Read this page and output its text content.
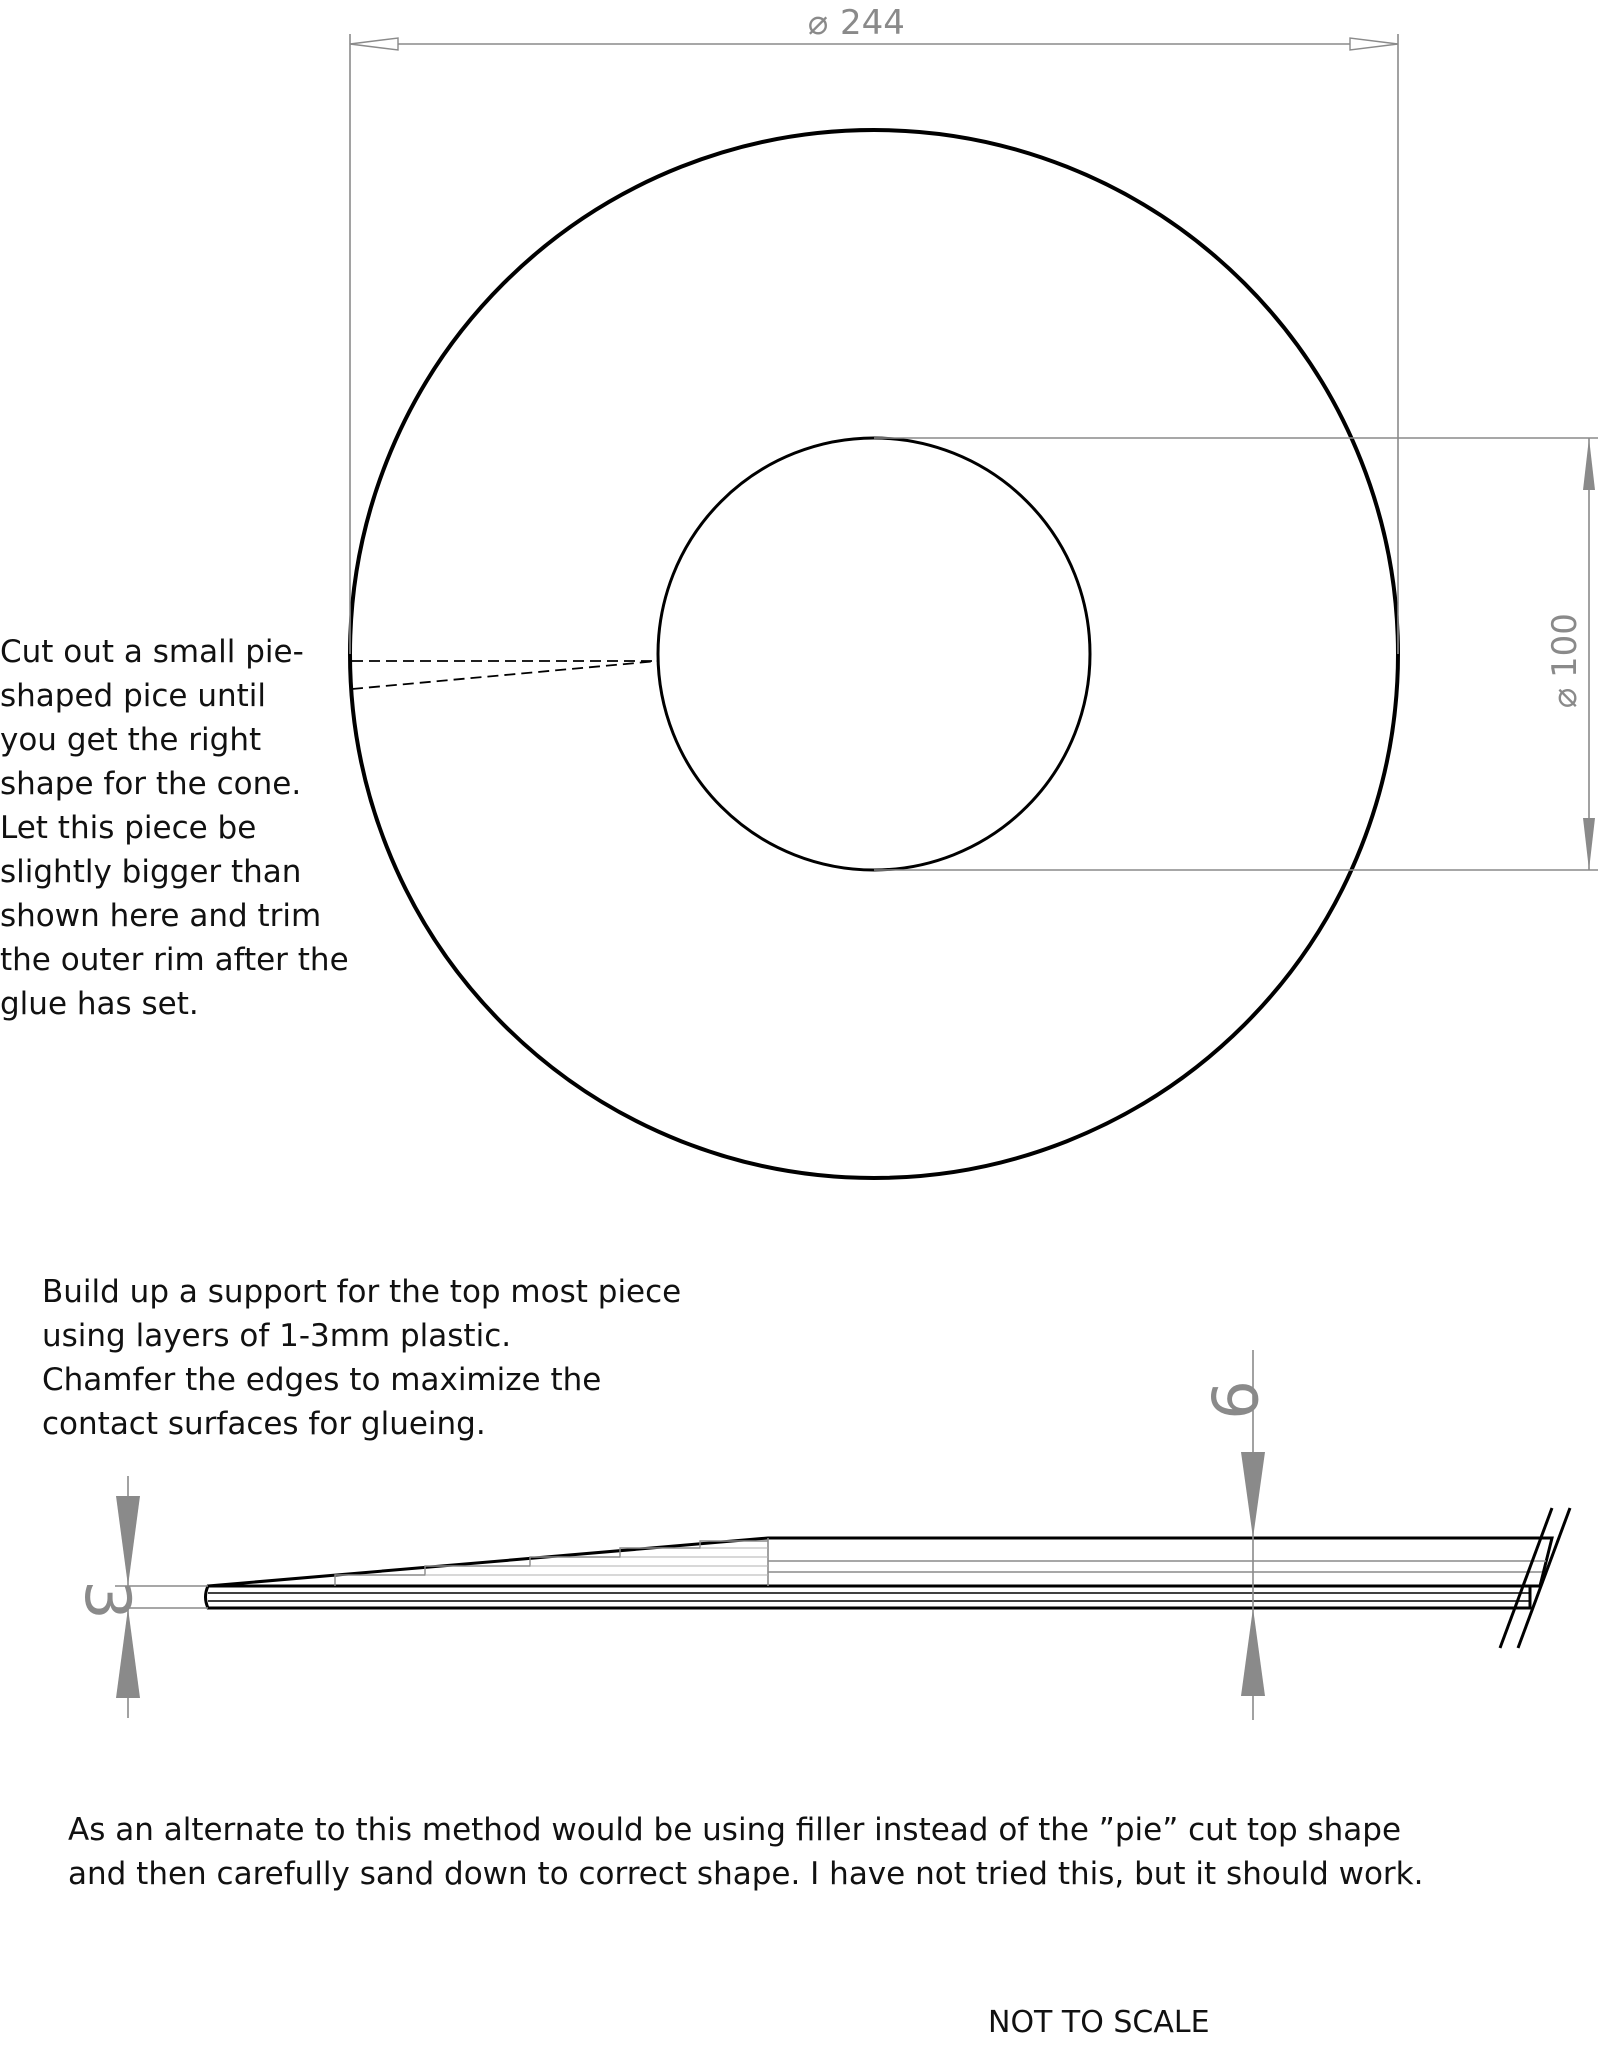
⌀ 244
⌀
100
9
3

Cut out a small pie-
shaped pice until
you get the right
shape for the cone.
Let this piece be
slightly bigger than
shown here and trim
the outer rim after the
glue has set.

Build up a support for the top most piece
using layers of 1-3mm plastic.
Chamfer the edges to maximize the
contact surfaces for glueing.

As an alternate to this method would be using filler instead of the ”pie” cut top shape
and then carefully sand down to correct shape. I have not tried this, but it should work.

NOT TO SCALE
